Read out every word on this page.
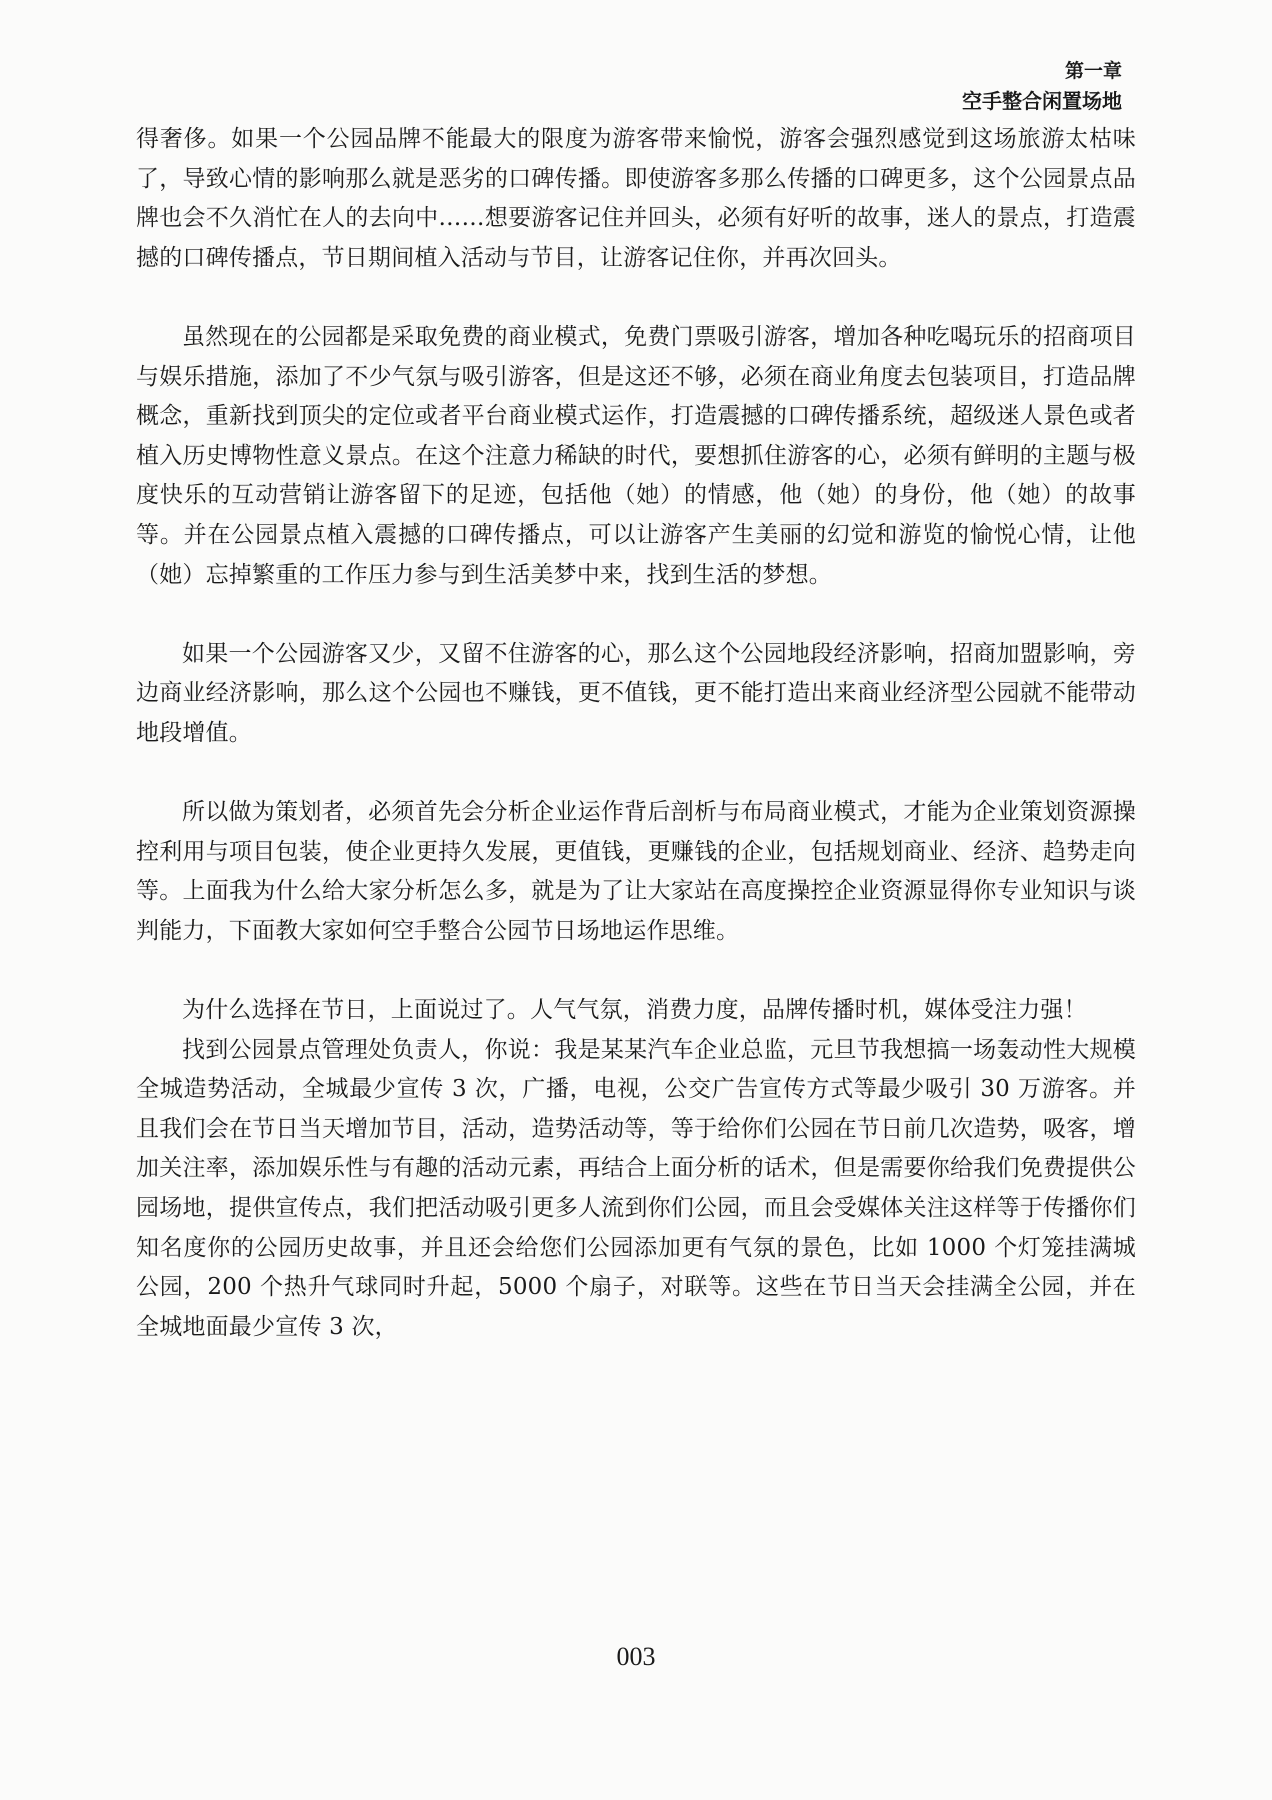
第一章
空手整合闲置场地

得奢侈。如果一个公园品牌不能最大的限度为游客带来愉悦，游客会强烈感觉到这场旅游太枯味了，导致心情的影响那么就是恶劣的口碑传播。即使游客多那么传播的口碑更多，这个公园景点品牌也会不久消忙在人的去向中……想要游客记住并回头，必须有好听的故事，迷人的景点，打造震撼的口碑传播点，节日期间植入活动与节目，让游客记住你，并再次回头。

虽然现在的公园都是采取免费的商业模式，免费门票吸引游客，增加各种吃喝玩乐的招商项目与娱乐措施，添加了不少气氛与吸引游客，但是这还不够，必须在商业角度去包装项目，打造品牌概念，重新找到顶尖的定位或者平台商业模式运作，打造震撼的口碑传播系统，超级迷人景色或者植入历史博物性意义景点。在这个注意力稀缺的时代，要想抓住游客的心，必须有鲜明的主题与极度快乐的互动营销让游客留下的足迹，包括他（她）的情感，他（她）的身份，他（她）的故事等。并在公园景点植入震撼的口碑传播点，可以让游客产生美丽的幻觉和游览的愉悦心情，让他（她）忘掉繁重的工作压力参与到生活美梦中来，找到生活的梦想。

如果一个公园游客又少，又留不住游客的心，那么这个公园地段经济影响，招商加盟影响，旁边商业经济影响，那么这个公园也不赚钱，更不值钱，更不能打造出来商业经济型公园就不能带动地段增值。

所以做为策划者，必须首先会分析企业运作背后剖析与布局商业模式，才能为企业策划资源操控利用与项目包装，使企业更持久发展，更值钱，更赚钱的企业，包括规划商业、经济、趋势走向等。上面我为什么给大家分析怎么多，就是为了让大家站在高度操控企业资源显得你专业知识与谈判能力，下面教大家如何空手整合公园节日场地运作思维。

为什么选择在节日，上面说过了。人气气氛，消费力度，品牌传播时机，媒体受注力强！

找到公园景点管理处负责人，你说：我是某某汽车企业总监，元旦节我想搞一场轰动性大规模全城造势活动，全城最少宣传 3 次，广播，电视，公交广告宣传方式等最少吸引 30 万游客。并且我们会在节日当天增加节目，活动，造势活动等，等于给你们公园在节日前几次造势，吸客，增加关注率，添加娱乐性与有趣的活动元素，再结合上面分析的话术，但是需要你给我们免费提供公园场地，提供宣传点，我们把活动吸引更多人流到你们公园，而且会受媒体关注这样等于传播你们知名度你的公园历史故事，并且还会给您们公园添加更有气氛的景色，比如 1000 个灯笼挂满城公园，200 个热升气球同时升起，5000 个扇子，对联等。这些在节日当天会挂满全公园，并在全城地面最少宣传 3 次，

003
